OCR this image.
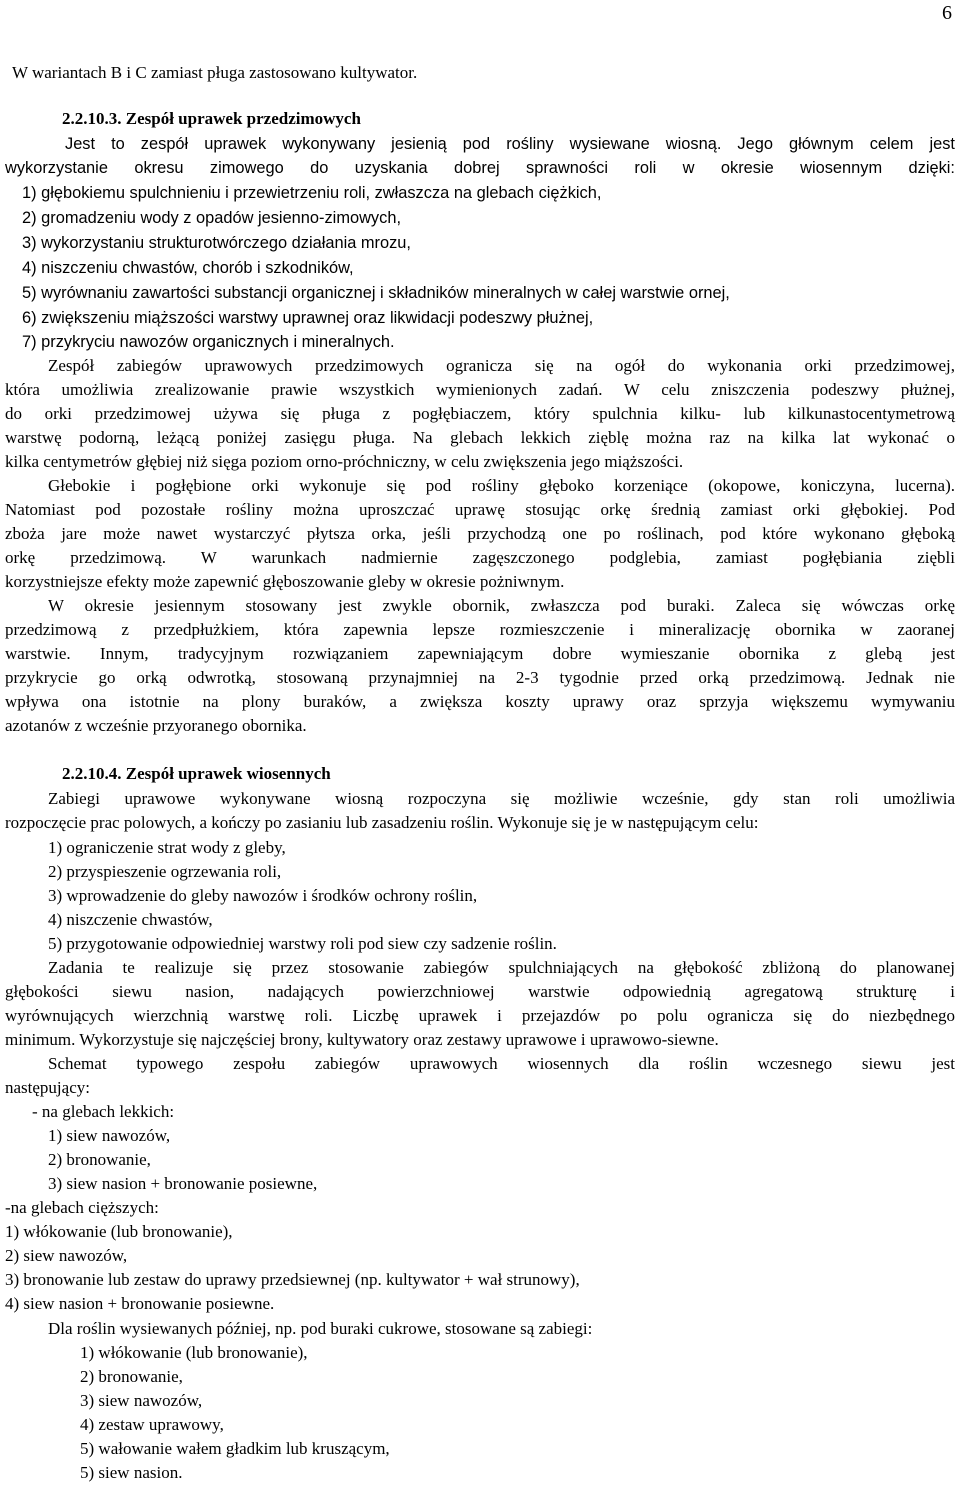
6
W wariantach B i C zamiast pługa zastosowano kultywator.
2.2.10.3. Zespół uprawek przedzimowych
Jest to zespół uprawek wykonywany jesienią pod rośliny wysiewane wiosną. Jego głównym celem jest
wykorzystanie okresu zimowego do uzyskania dobrej sprawności roli w okresie wiosennym dzięki:
1) głębokiemu spulchnieniu i przewietrzeniu roli, zwłaszcza na glebach ciężkich,
2) gromadzeniu wody z opadów jesienno-zimowych,
3) wykorzystaniu strukturotwórczego działania mrozu,
4) niszczeniu chwastów, chorób i szkodników,
5) wyrównaniu zawartości substancji organicznej i składników mineralnych w całej warstwie ornej,
6) zwiększeniu miąższości warstwy uprawnej oraz likwidacji podeszwy płużnej,
7) przykryciu nawozów organicznych i mineralnych.
Zespół zabiegów uprawowych przedzimowych ogranicza się na ogół do wykonania orki przedzimowej,
która umożliwia zrealizowanie prawie wszystkich wymienionych zadań. W celu zniszczenia podeszwy płużnej,
do orki przedzimowej używa się pługa z pogłębiaczem, który spulchnia kilku- lub kilkunastocentymetrową
warstwę podorną, leżącą poniżej zasięgu pługa. Na glebach lekkich zięblę można raz na kilka lat wykonać o
kilka centymetrów głębiej niż sięga poziom orno-próchniczny, w celu zwiększenia jego miąższości.
Głebokie i pogłębione orki wykonuje się pod rośliny głęboko korzeniące (okopowe, koniczyna, lucerna).
Natomiast pod pozostałe rośliny można uproszczać uprawę stosując orkę średnią zamiast orki głębokiej. Pod
zboża jare może nawet wystarczyć płytsza orka, jeśli przychodzą one po roślinach, pod które wykonano głęboką
orkę przedzimową. W warunkach nadmiernie zagęszczonego podglebia, zamiast pogłębiania ziębli
korzystniejsze efekty może zapewnić głęboszowanie gleby w okresie pożniwnym.
W okresie jesiennym stosowany jest zwykle obornik, zwłaszcza pod buraki. Zaleca się wówczas orkę
przedzimową z przedpłużkiem, która zapewnia lepsze rozmieszczenie i mineralizację obornika w zaoranej
warstwie. Innym, tradycyjnym rozwiązaniem zapewniającym dobre wymieszanie obornika z glebą jest
przykrycie go orką odwrotką, stosowaną przynajmniej na 2-3 tygodnie przed orką przedzimową. Jednak nie
wpływa ona istotnie na plony buraków, a zwiększa koszty uprawy oraz sprzyja większemu wymywaniu
azotanów z wcześnie przyoranego obornika.
2.2.10.4. Zespół uprawek wiosennych
Zabiegi uprawowe wykonywane wiosną rozpoczyna się możliwie wcześnie, gdy stan roli umożliwia
rozpoczęcie prac polowych, a kończy po zasianiu lub zasadzeniu roślin. Wykonuje się je w następującym celu:
1) ograniczenie strat wody z gleby,
2) przyspieszenie ogrzewania roli,
3) wprowadzenie do gleby nawozów i środków ochrony roślin,
4) niszczenie chwastów,
5) przygotowanie odpowiedniej warstwy roli pod siew czy sadzenie roślin.
Zadania te realizuje się przez stosowanie zabiegów spulchniających na głębokość zbliżoną do planowanej
głębokości siewu nasion, nadających powierzchniowej warstwie odpowiednią agregatową strukturę i
wyrównujących wierzchnią warstwę roli. Liczbę uprawek i przejazdów po polu ogranicza się do niezbędnego
minimum. Wykorzystuje się najczęściej brony, kultywatory oraz zestawy uprawowe i uprawowo-siewne.
Schemat typowego zespołu zabiegów uprawowych wiosennych dla roślin wczesnego siewu jest
następujący:
- na glebach lekkich:
1) siew nawozów,
2) bronowanie,
3) siew nasion + bronowanie posiewne,
-na glebach cięższych:
1) włókowanie (lub bronowanie),
2) siew nawozów,
3) bronowanie lub zestaw do uprawy przedsiewnej (np. kultywator + wał strunowy),
4) siew nasion + bronowanie posiewne.
Dla roślin wysiewanych później, np. pod buraki cukrowe, stosowane są zabiegi:
1) włókowanie (lub bronowanie),
2) bronowanie,
3) siew nawozów,
4) zestaw uprawowy,
5) wałowanie wałem gładkim lub kruszącym,
5) siew nasion.
